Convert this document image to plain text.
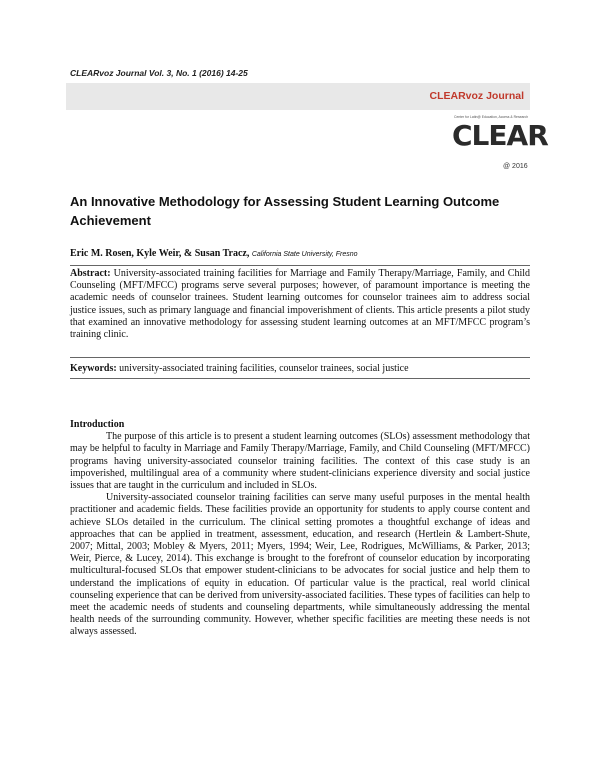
CLEARvoz Journal Vol. 3, No. 1 (2016) 14-25
CLEARvoz Journal
Center for Latin@ Education, Access & Research
CLEAR
@ 2016
An Innovative Methodology for Assessing Student Learning Outcome Achievement
Eric M. Rosen, Kyle Weir, & Susan Tracz, California State University, Fresno
Abstract: University-associated training facilities for Marriage and Family Therapy/Marriage, Family, and Child Counseling (MFT/MFCC) programs serve several purposes; however, of paramount importance is meeting the academic needs of counselor trainees. Student learning outcomes for counselor trainees aim to address social justice issues, such as primary language and financial impoverishment of clients. This article presents a pilot study that examined an innovative methodology for assessing student learning outcomes at an MFT/MFCC program’s training clinic.
Keywords: university-associated training facilities, counselor trainees, social justice

Introduction

The purpose of this article is to present a student learning outcomes (SLOs) assessment methodology that may be helpful to faculty in Marriage and Family Therapy/Marriage, Family, and Child Counseling (MFT/MFCC) programs having university-associated counselor training facilities. The context of this case study is an impoverished, multilingual area of a community where student-clinicians experience diversity and social justice issues that are taught in the curriculum and included in SLOs.

University-associated counselor training facilities can serve many useful purposes in the mental health practitioner and academic fields. These facilities provide an opportunity for students to apply course content and achieve SLOs detailed in the curriculum. The clinical setting promotes a thoughtful exchange of ideas and approaches that can be applied in treatment, assessment, education, and research (Hertlein & Lambert-Shute, 2007; Mittal, 2003; Mobley & Myers, 2011; Myers, 1994; Weir, Lee, Rodrigues, McWilliams, & Parker, 2013; Weir, Pierce, & Lucey, 2014). This exchange is brought to the forefront of counselor education by incorporating multicultural-focused SLOs that empower student-clinicians to be advocates for social justice and help them to understand the implications of equity in education. Of particular value is the practical, real world clinical counseling experience that can be derived from university-associated facilities. These types of facilities can help to meet the academic needs of students and counseling departments, while simultaneously addressing the mental health needs of the surrounding community. However, whether specific facilities are meeting these needs is not always assessed.
